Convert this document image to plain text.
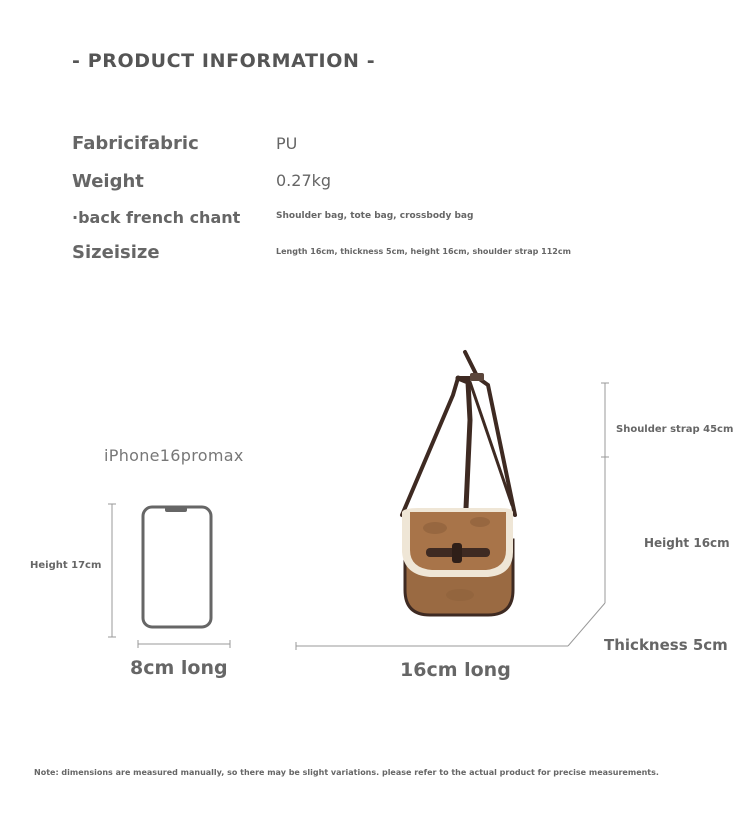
- PRODUCT INFORMATION -
Fabricifabric	PU
Weight	0.27kg
·back french chant	Shoulder bag, tote bag, crossbody bag
Sizeisize	Length 16cm, thickness 5cm, height 16cm, shoulder strap 112cm
iPhone16promax
Height 17cm
8cm long
Shoulder strap 45cm
Height 16cm
Thickness 5cm
16cm long
Note: dimensions are measured manually, so there may be slight variations. please refer to the actual product for precise measurements.
